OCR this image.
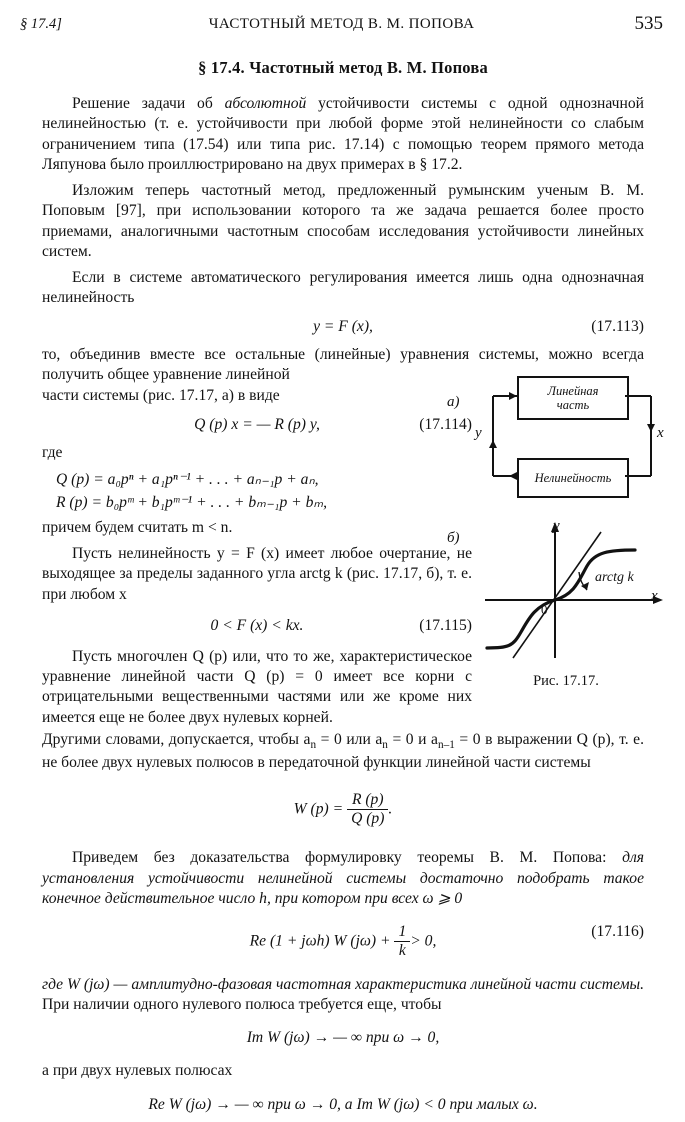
§ 17.4]	ЧАСТОТНЫЙ МЕТОД В. М. ПОПОВА	535
§ 17.4. Частотный метод В. М. Попова

Решение задачи об абсолютной устойчивости системы с одной однозначной нелинейностью (т. е. устойчивости при любой форме этой нелинейности со слабым ограничением типа (17.54) или типа рис. 17.14) с помощью теорем прямого метода Ляпунова было проиллюстрировано на двух примерах в § 17.2.

Изложим теперь частотный метод, предложенный румынским ученым В. М. Поповым [97], при использовании которого та же задача решается более просто приемами, аналогичными частотным способам исследования устойчивости линейных систем.

Если в системе автоматического регулирования имеется лишь одна однозначная нелинейность

y = F (x),	(17.113)

то, объединив вместе все остальные (линейные) уравнения системы, можно всегда получить общее уравнение линейной

части системы (рис. 17.17, а) в виде

Q (p) x = — R (p) y,	(17.114)

где

Q (p) = a₀pⁿ + a₁pⁿ⁻¹ + . . . + aₙ₋₁p + aₙ,
R (p) = b₀pᵐ + b₁pᵐ⁻¹ + . . . + bₘ₋₁p + bₘ,

причем будем считать m < n.

Пусть нелинейность y = F (x) имеет любое очертание, не выходящее за пределы заданного угла arctg k (рис. 17.17, б), т. е. при любом x

0 < F (x) < kx.	(17.115)

Пусть многочлен Q (p) или, что то же, характеристическое уравнение линейной части Q (p) = 0 имеет все корни с отрицательными вещественными частями или же кроме них имеется еще не более двух нулевых корней.

Другими словами, допускается, чтобы $a_n = 0$ или $a_n = 0$ и $a_{n-1} = 0$ в выражении Q (p), т. е. не более двух нулевых полюсов в передаточной функции линейной части системы

W $(p) = \frac{R (p)}{Q (p)}$ .

Приведем без доказательства формулировку теоремы В. М. Попова: для установления устойчивости нелинейной системы достаточно подобрать такое конечное действительное число h, при котором при всех ω ⩾ 0

Re (1 + jωh) W $(j\omega) + \frac{1}{k} > 0$,
(17.116)

где W (jω) — амплитудно-фазовая частотная характеристика линейной части системы. При наличии одного нулевого полюса требуется еще, чтобы

Im W (jω) → — ∞ при ω → 0,

а при двух нулевых полюсах

Re W (jω) → — ∞ при ω → 0, а Im W (jω) < 0 при малых ω.
а)
Линейная
часть
Нелинейность
y	x
б)
y
x
0
arctg k
Рис. 17.17.
